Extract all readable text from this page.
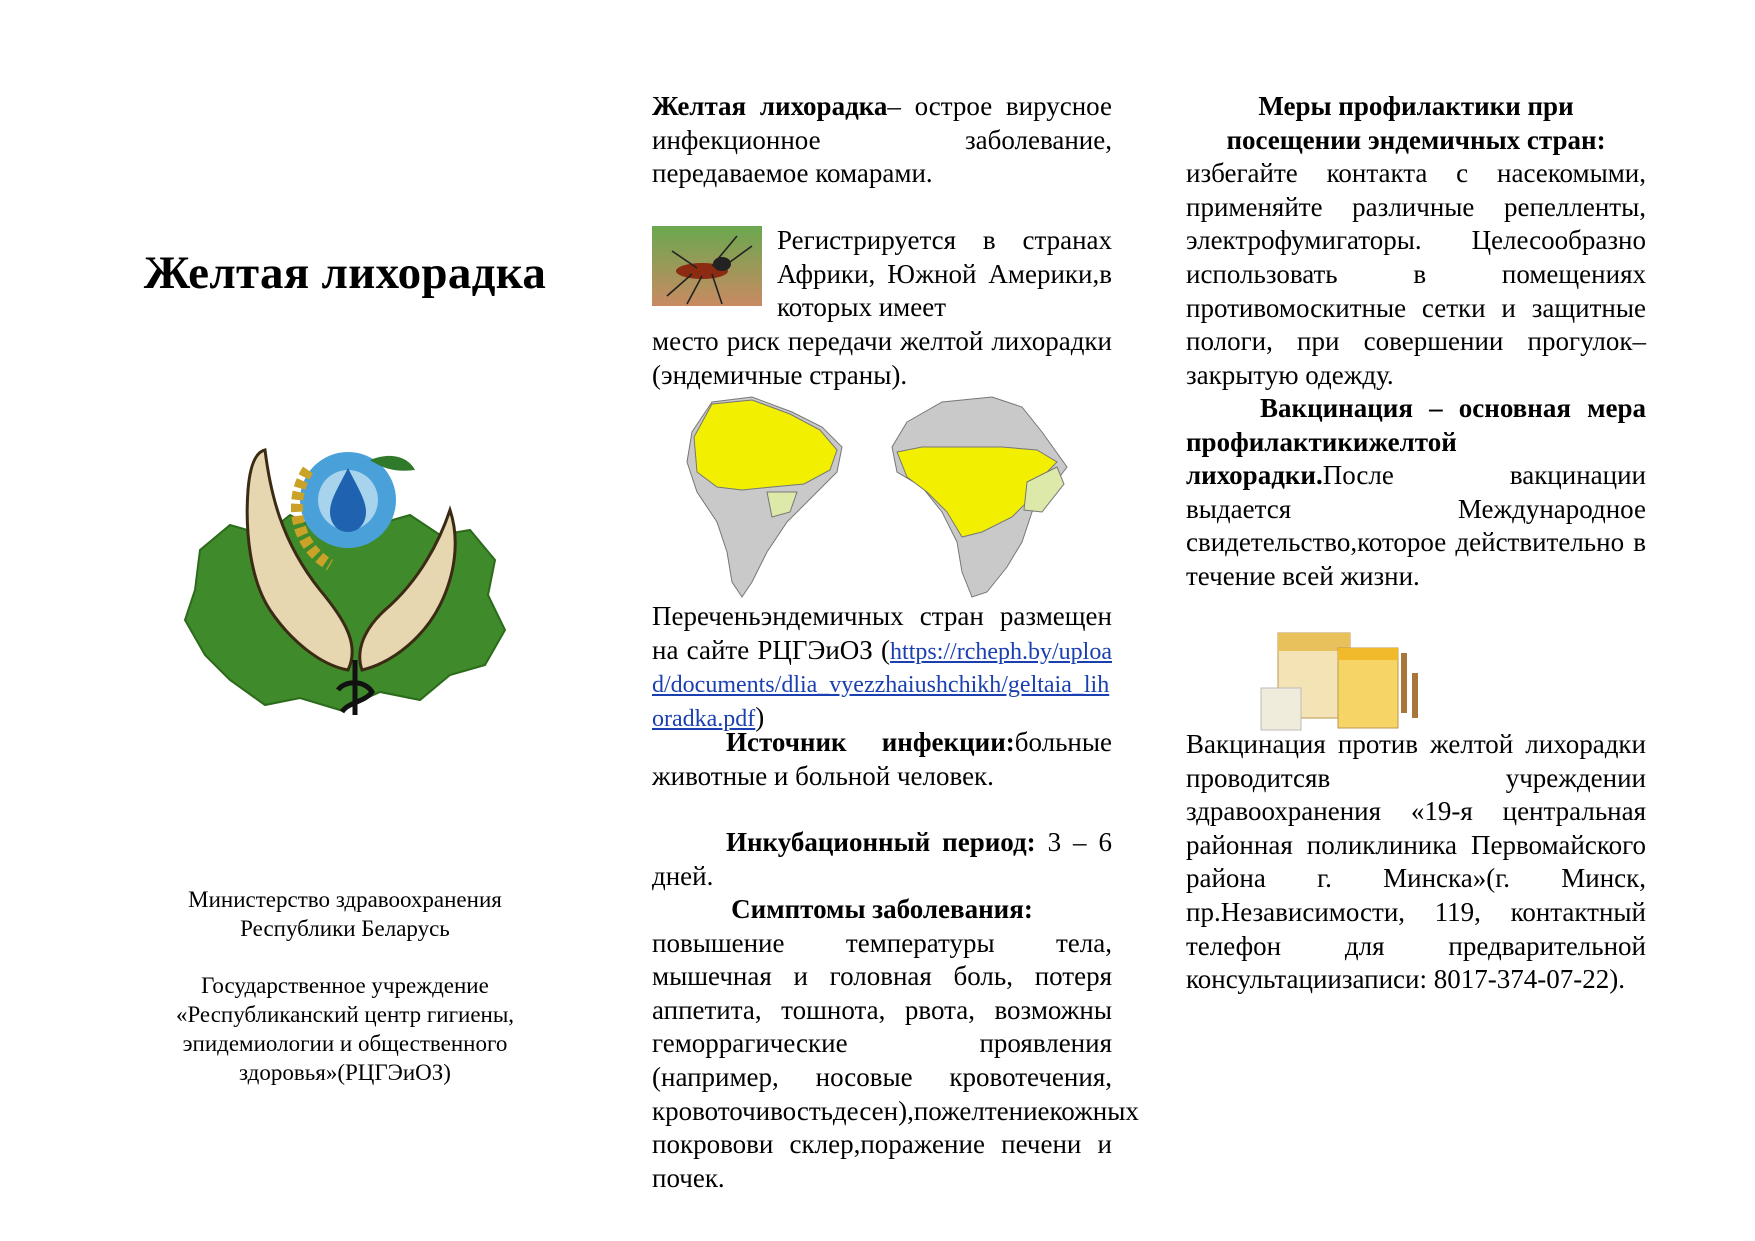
Желтая лихорадка

Министерство здравоохранения
Республики Беларусь

Государственное учреждение
«Республиканский центр гигиены,
эпидемиологии и общественного
здоровья»(РЦГЭиОЗ)

Желтая лихорадка– острое вирусное инфекционное заболевание, передаваемое комарами.
Регистрируется в странах Африки, Южной Америки,в которых имеет
место риск передачи желтой лихорадки (эндемичные страны).
Переченьэндемичных стран размещен на сайте РЦГЭиОЗ (https://rcheph.by/upload/documents/dlia_vyezzhaiushchikh/geltaia_lihoradka.pdf)

Источник инфекции:больные животные и больной человек.

Инкубационный период: 3 – 6 дней.

Симптомы заболевания:

повышение температуры тела, мышечная и головная боль, потеря аппетита, тошнота, рвота, возможны геморрагические проявления (например, носовые кровотечения, кровоточивостьдесен),пожелтениекожных покровови склер,поражение печени и почек.

Меры профилактики при посещении эндемичных стран:

избегайте контакта с насекомыми, применяйте различные репелленты, электрофумигаторы. Целесообразно использовать в помещениях противомоскитные сетки и защитные пологи, при совершении прогулок– закрытую одежду.

Вакцинация – основная мера профилактикижелтой лихорадки.После вакцинации выдается Международное свидетельство,которое действительно в течение всей жизни.

Вакцинация против желтой лихорадки проводитсяв учреждении здравоохранения «19-я центральная районная поликлиника Первомайского района г. Минска»(г. Минск, пр.Независимости, 119, контактный телефон для предварительной консультациизаписи: 8017-374-07-22).
